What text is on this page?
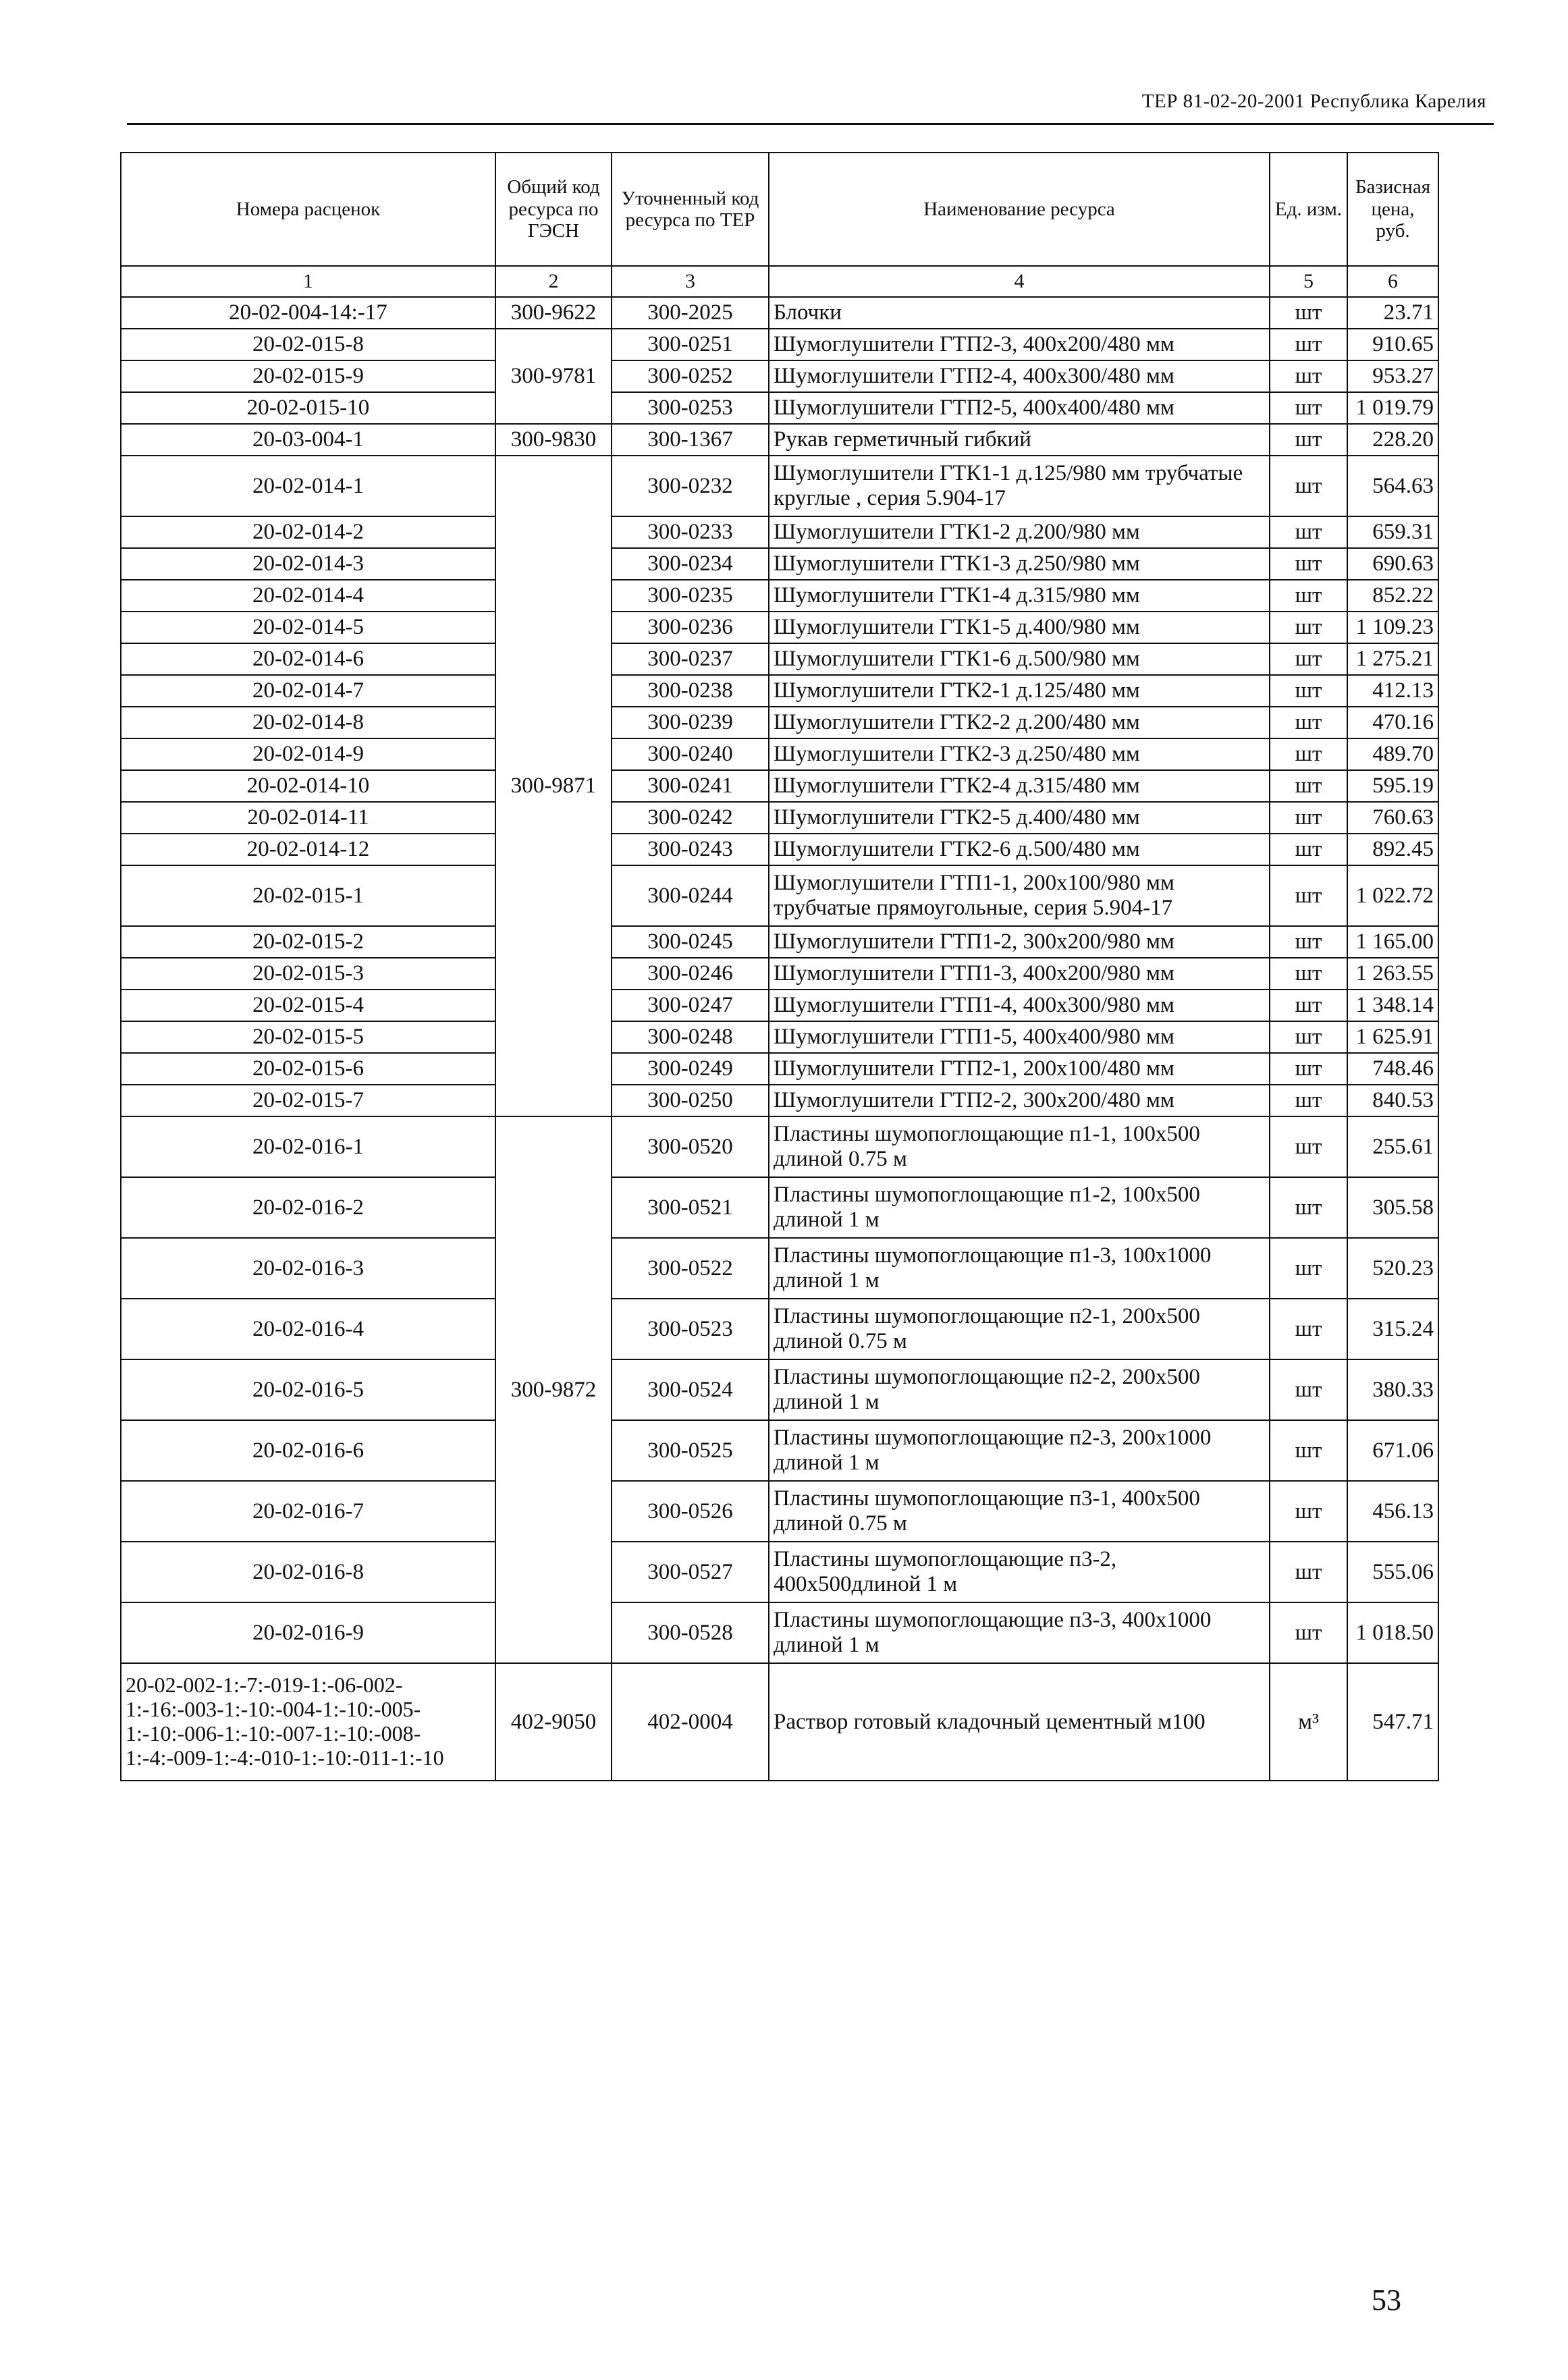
ТЕР 81-02-20-2001 Республика Карелия
Номера расценок	Общий код ресурса по ГЭСН	Уточненный код ресурса по ТЕР	Наименование ресурса	Ед. изм.	Базисная цена, руб.
1	2	3	4	5	6
20-02-004-14:-17	300-9622	300-2025	Блочки	шт	23.71
20-02-015-8	300-9781	300-0251	Шумоглушители ГТП2-3, 400х200/480 мм	шт	910.65
20-02-015-9		300-0252	Шумоглушители ГТП2-4, 400х300/480 мм	шт	953.27
20-02-015-10		300-0253	Шумоглушители ГТП2-5, 400х400/480 мм	шт	1 019.79
20-03-004-1	300-9830	300-1367	Рукав герметичный гибкий	шт	228.20
20-02-014-1	300-9871	300-0232	Шумоглушители ГТК1-1 д.125/980 мм трубчатые круглые , серия 5.904-17	шт	564.63
20-02-014-2		300-0233	Шумоглушители ГТК1-2 д.200/980 мм	шт	659.31
20-02-014-3		300-0234	Шумоглушители ГТК1-3 д.250/980 мм	шт	690.63
20-02-014-4		300-0235	Шумоглушители ГТК1-4 д.315/980 мм	шт	852.22
20-02-014-5		300-0236	Шумоглушители ГТК1-5 д.400/980 мм	шт	1 109.23
20-02-014-6		300-0237	Шумоглушители ГТК1-6 д.500/980 мм	шт	1 275.21
20-02-014-7		300-0238	Шумоглушители ГТК2-1 д.125/480 мм	шт	412.13
20-02-014-8		300-0239	Шумоглушители ГТК2-2 д.200/480 мм	шт	470.16
20-02-014-9		300-0240	Шумоглушители ГТК2-3 д.250/480 мм	шт	489.70
20-02-014-10		300-0241	Шумоглушители ГТК2-4 д.315/480 мм	шт	595.19
20-02-014-11		300-0242	Шумоглушители ГТК2-5 д.400/480 мм	шт	760.63
20-02-014-12		300-0243	Шумоглушители ГТК2-6 д.500/480 мм	шт	892.45
20-02-015-1		300-0244	Шумоглушители ГТП1-1, 200х100/980 мм трубчатые прямоугольные, серия 5.904-17	шт	1 022.72
20-02-015-2		300-0245	Шумоглушители ГТП1-2, 300х200/980 мм	шт	1 165.00
20-02-015-3		300-0246	Шумоглушители ГТП1-3, 400х200/980 мм	шт	1 263.55
20-02-015-4		300-0247	Шумоглушители ГТП1-4, 400х300/980 мм	шт	1 348.14
20-02-015-5		300-0248	Шумоглушители ГТП1-5, 400х400/980 мм	шт	1 625.91
20-02-015-6		300-0249	Шумоглушители ГТП2-1, 200х100/480 мм	шт	748.46
20-02-015-7		300-0250	Шумоглушители ГТП2-2, 300х200/480 мм	шт	840.53
20-02-016-1	300-9872	300-0520	Пластины шумопоглощающие п1-1, 100х500 длиной 0.75 м	шт	255.61
20-02-016-2		300-0521	Пластины шумопоглощающие п1-2, 100х500 длиной 1 м	шт	305.58
20-02-016-3		300-0522	Пластины шумопоглощающие п1-3, 100х1000 длиной 1 м	шт	520.23
20-02-016-4		300-0523	Пластины шумопоглощающие п2-1, 200х500 длиной 0.75 м	шт	315.24
20-02-016-5		300-0524	Пластины шумопоглощающие п2-2, 200х500 длиной 1 м	шт	380.33
20-02-016-6		300-0525	Пластины шумопоглощающие п2-3, 200х1000 длиной 1 м	шт	671.06
20-02-016-7		300-0526	Пластины шумопоглощающие п3-1, 400х500 длиной 0.75 м	шт	456.13
20-02-016-8		300-0527	Пластины шумопоглощающие п3-2, 400х500длиной 1 м	шт	555.06
20-02-016-9		300-0528	Пластины шумопоглощающие п3-3, 400х1000 длиной 1 м	шт	1 018.50
20-02-002-1:-7:-019-1:-06-002-1:-16:-003-1:-10:-004-1:-10:-005-1:-10:-006-1:-10:-007-1:-10:-008-1:-4:-009-1:-4:-010-1:-10:-011-1:-10	402-9050	402-0004	Раствор готовый кладочный цементный м100	м³	547.71
53
